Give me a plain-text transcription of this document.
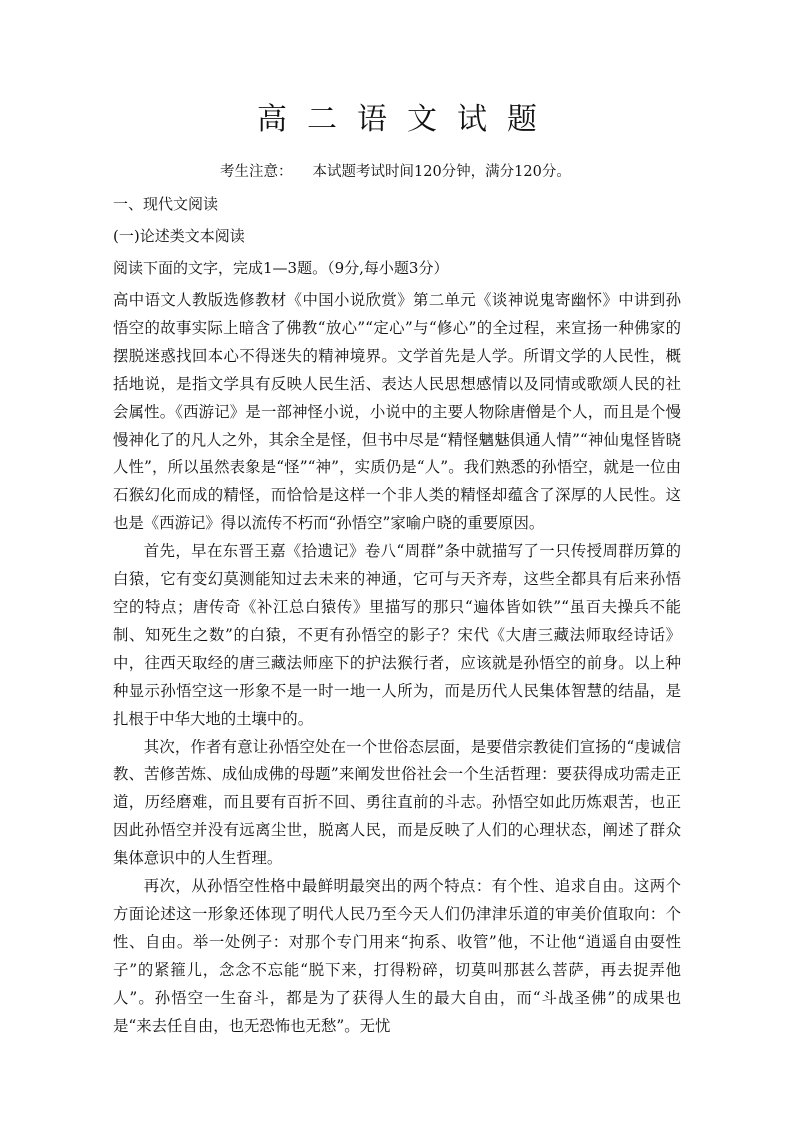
高二语文试题
考生注意： 本试题考试时间120分钟，满分120分。
一、现代文阅读
(一)论述类文本阅读
阅读下面的文字，完成1—3题。（9分,每小题3分）

高中语文人教版选修教材《中国小说欣赏》第二单元《谈神说鬼寄幽怀》中讲到孙悟空的故事实际上暗含了佛教“放心”“定心”与“修心”的全过程，来宣扬一种佛家的摆脱迷惑找回本心不得迷失的精神境界。文学首先是人学。所谓文学的人民性，概括地说，是指文学具有反映人民生活、表达人民思想感情以及同情或歌颂人民的社会属性。《西游记》是一部神怪小说，小说中的主要人物除唐僧是个人，而且是个慢慢神化了的凡人之外，其余全是怪，但书中尽是“精怪魑魅俱通人情”“神仙鬼怪皆晓人性”，所以虽然表象是“怪”“神”，实质仍是“人”。我们熟悉的孙悟空，就是一位由石猴幻化而成的精怪，而恰恰是这样一个非人类的精怪却蕴含了深厚的人民性。这也是《西游记》得以流传不朽而“孙悟空”家喻户晓的重要原因。

首先，早在东晋王嘉《拾遗记》卷八“周群”条中就描写了一只传授周群历算的白猿，它有变幻莫测能知过去未来的神通，它可与天齐寿，这些全都具有后来孙悟空的特点；唐传奇《补江总白猿传》里描写的那只“遍体皆如铁”“虽百夫操兵不能制、知死生之数”的白猿，不更有孙悟空的影子？宋代《大唐三藏法师取经诗话》中，往西天取经的唐三藏法师座下的护法猴行者，应该就是孙悟空的前身。以上种种显示孙悟空这一形象不是一时一地一人所为，而是历代人民集体智慧的结晶，是扎根于中华大地的土壤中的。

其次，作者有意让孙悟空处在一个世俗态层面，是要借宗教徒们宣扬的“虔诚信教、苦修苦炼、成仙成佛的母题”来阐发世俗社会一个生活哲理：要获得成功需走正道，历经磨难，而且要有百折不回、勇往直前的斗志。孙悟空如此历炼艰苦，也正因此孙悟空并没有远离尘世，脱离人民，而是反映了人们的心理状态，阐述了群众集体意识中的人生哲理。

再次，从孙悟空性格中最鲜明最突出的两个特点：有个性、追求自由。这两个方面论述这一形象还体现了明代人民乃至今天人们仍津津乐道的审美价值取向：个性、自由。举一处例子：对那个专门用来“拘系、收管”他，不让他“逍遥自由耍性子”的紧箍儿，念念不忘能“脱下来，打得粉碎，切莫叫那甚么菩萨，再去捉弄他人”。孙悟空一生奋斗，都是为了获得人生的最大自由，而“斗战圣佛”的成果也是“来去任自由，也无恐怖也无愁”。无忧
